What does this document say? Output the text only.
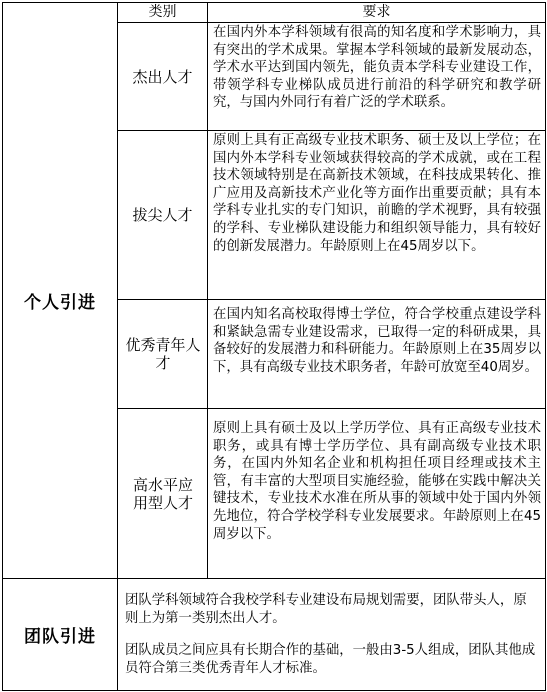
类别	要求
个人引进
团队引进
杰出人才
在国内外本学科领域有很高的知名度和学术影响力，具有突出的学术成果。掌握本学科领域的最新发展动态，学术水平达到国内领先，能负责本学科专业建设工作，带领学科专业梯队成员进行前沿的科学研究和教学研究，与国内外同行有着广泛的学术联系。
拔尖人才
原则上具有正高级专业技术职务、硕士及以上学位；在国内外本学科专业领域获得较高的学术成就，或在工程技术领域特别是在高新技术领域，在科技成果转化、推广应用及高新技术产业化等方面作出重要贡献；具有本学科专业扎实的专门知识，前瞻的学术视野，具有较强的学科、专业梯队建设能力和组织领导能力，具有较好的创新发展潜力。年龄原则上在45周岁以下。
优秀青年人才
在国内知名高校取得博士学位，符合学校重点建设学科和紧缺急需专业建设需求，已取得一定的科研成果，具备较好的发展潜力和科研能力。年龄原则上在35周岁以下，具有高级专业技术职务者，年龄可放宽至40周岁。
高水平应用型人才
原则上具有硕士及以上学历学位、具有正高级专业技术职务，或具有博士学历学位、具有副高级专业技术职务，在国内外知名企业和机构担任项目经理或技术主管，有丰富的大型项目实施经验，能够在实践中解决关键技术，专业技术水准在所从事的领域中处于国内外领先地位，符合学校学科专业发展要求。年龄原则上在45周岁以下。
团队学科领域符合我校学科专业建设布局规划需要，团队带头人，原则上为第一类别杰出人才。
团队成员之间应具有长期合作的基础，一般由3-5人组成，团队其他成员符合第三类优秀青年人才标准。
